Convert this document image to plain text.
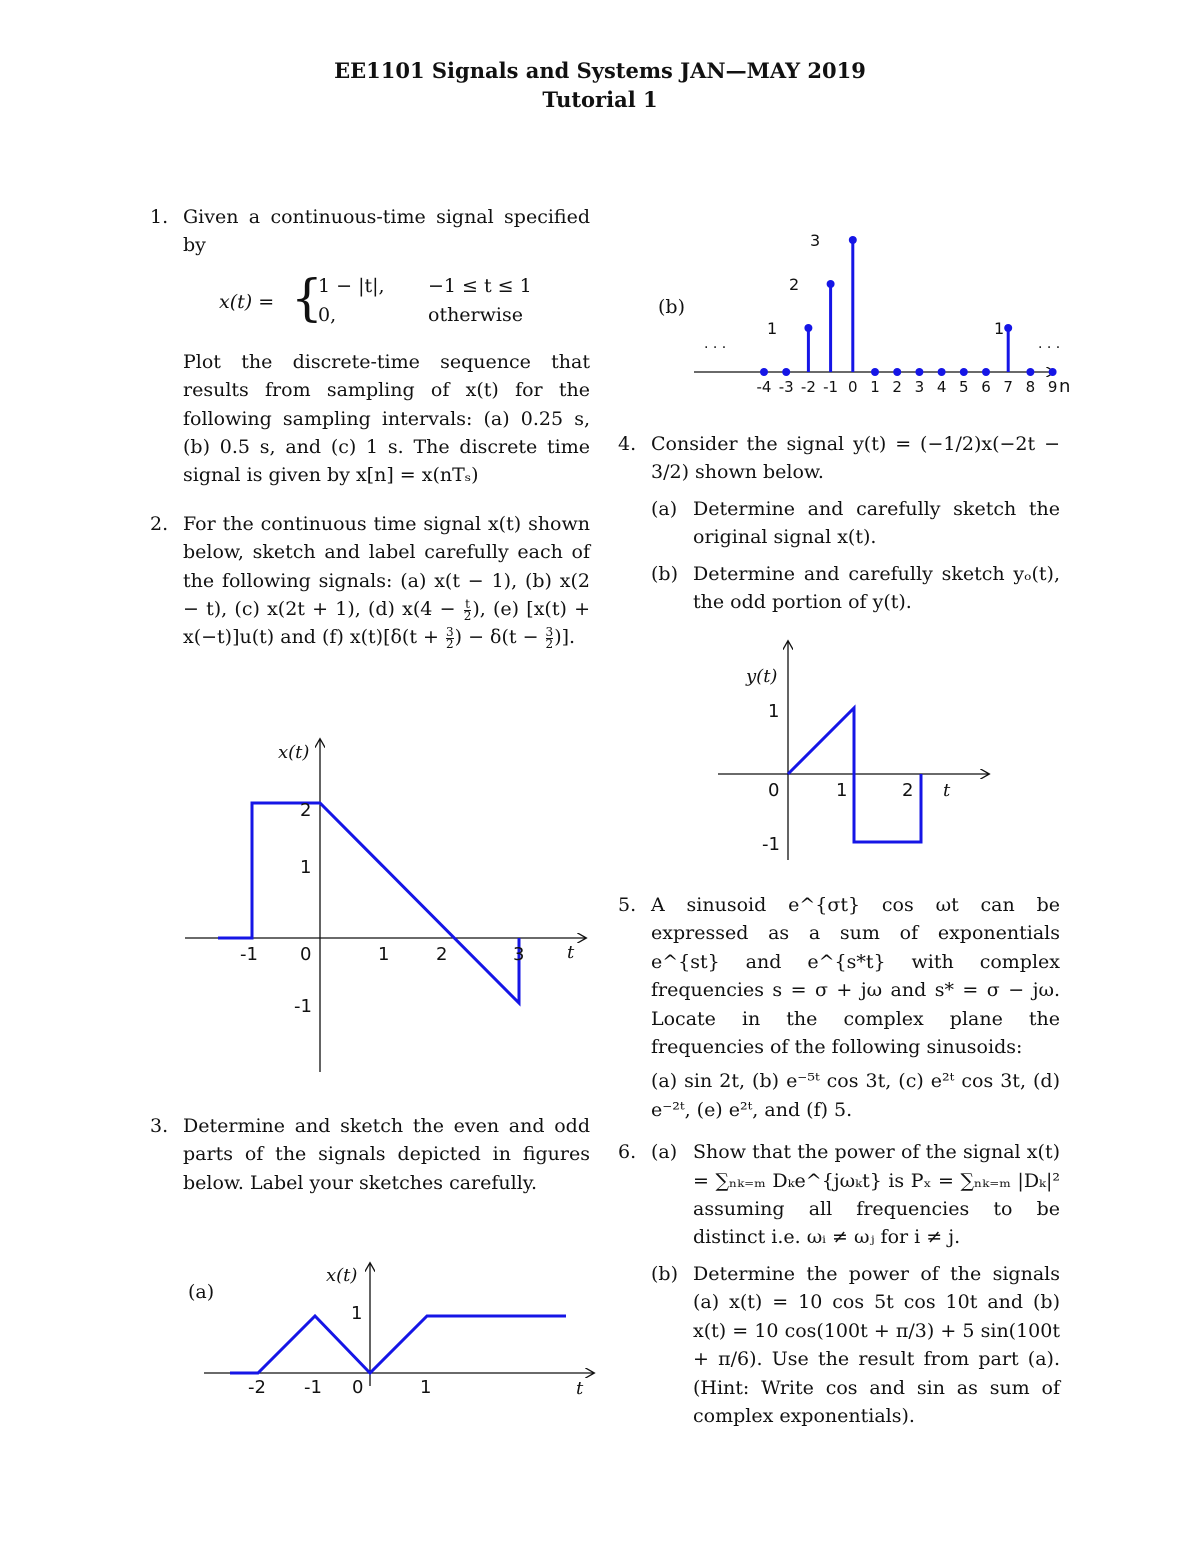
EE1101 Signals and Systems JAN—MAY 2019
Tutorial 1
1. Given a continuous-time signal specified by
x(t) = {
1 − |t|, −1 ≤ t ≤ 1
0,	otherwise
Plot the discrete-time sequence that results from sampling of x(t) for the following sampling intervals: (a) 0.25 s, (b) 0.5 s, and (c) 1 s. The discrete time signal is given by x[n] = x(nTₛ)
2. For the continuous time signal x(t) shown below, sketch and label carefully each of the following signals: (a) x(t − 1), (b) x(2 − t), (c) x(2t + 1), (d) $x(4 - \frac{t}{2}$ ), (e) [x(t) + x(−t)]u(t) and (f) $x(t)[\delta(t + \frac{3}{2}$ ) − $\delta(t - \frac{3}{2}$ )].
x(t)
t
2
1
-1
-1 0	1	2	3
3. Determine and sketch the even and odd parts of the signals depicted in figures below. Label your sketches carefully.
(a)
x(t)
t
1
-2 -1 0	1
(b)
· · ·	· · ·
n
-4 -3 -2 -1 0 1 2 3 4 5 6 7 8 9
1
2
3
1
4. Consider the signal y(t) = (−1/2)x(−2t − 3/2) shown below.
(a) Determine and carefully sketch the original signal x(t).
(b) Determine and carefully sketch yₒ(t), the odd portion of y(t).
y(t)
t
1
-1
0	1	2
5. A sinusoid e^{σt} cos ωt can be expressed as a sum of exponentials e^{st} and e^{s*t} with complex frequencies s = σ + jω and s* = σ − jω. Locate in the complex plane the frequencies of the following sinusoids:
(a) sin 2t, (b) e⁻⁵ᵗ cos 3t, (c) e²ᵗ cos 3t, (d) e⁻²ᵗ, (e) e²ᵗ, and (f) 5.
6. (a) Show that the power of the signal x(t) = ∑ₙₖ₌ₘ Dₖe^{jωₖt} is Pₓ = ∑ₙₖ₌ₘ |Dₖ|² assuming all frequencies to be distinct i.e. ωᵢ ≠ ωⱼ for i ≠ j.
(b) Determine the power of the signals (a) x(t) = 10 cos 5t cos 10t and (b) x(t) = 10 cos(100t + π/3) + 5 sin(100t + π/6). Use the result from part (a). (Hint: Write cos and sin as sum of complex exponentials).
